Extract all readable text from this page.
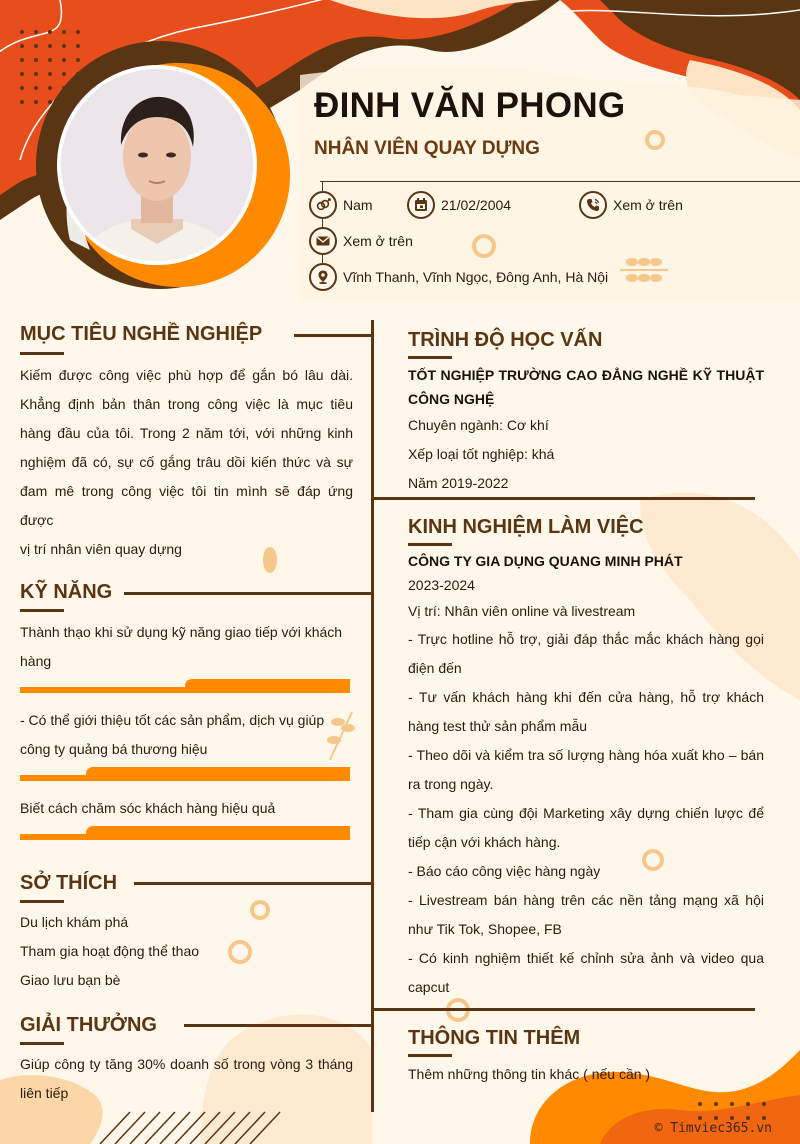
ĐINH VĂN PHONG
NHÂN VIÊN QUAY DỰNG
Nam	21/02/2004	Xem ở trên
Xem ở trên
Vĩnh Thanh, Vĩnh Ngọc, Đông Anh, Hà Nội
MỤC TIÊU NGHỀ NGHIỆP
Kiếm được công việc phù hợp để gắn bó lâu dài.
Khẳng định bản thân trong công việc là mục tiêu
hàng đầu của tôi. Trong 2 năm tới, với những kinh
nghiệm đã có, sự cố gắng trâu dồi kiến thức và sự
đam mê trong công việc tôi tin mình sẽ đáp ứng được
vị trí nhân viên quay dựng
KỸ NĂNG
Thành thạo khi sử dụng kỹ năng giao tiếp với khách hàng
- Có thể giới thiệu tốt các sản phẩm, dịch vụ giúp công ty quảng bá thương hiệu
Biết cách chăm sóc khách hàng hiệu quả
SỞ THÍCH
Du lịch khám phá
Tham gia hoạt động thể thao
Giao lưu bạn bè
GIẢI THƯỞNG
Giúp công ty tăng 30% doanh số trong vòng 3 tháng liên tiếp
TRÌNH ĐỘ HỌC VẤN
TỐT NGHIỆP TRƯỜNG CAO ĐẲNG NGHỀ KỸ THUẬT CÔNG NGHỆ
Chuyên ngành: Cơ khí
Xếp loại tốt nghiệp: khá
Năm 2019-2022
KINH NGHIỆM LÀM VIỆC
CÔNG TY GIA DỤNG QUANG MINH PHÁT
2023-2024
Vị trí: Nhân viên online và livestream
- Trực hotline hỗ trợ, giải đáp thắc mắc khách hàng gọi điện đến
- Tư vấn khách hàng khi đến cửa hàng, hỗ trợ khách hàng test thử sản phẩm mẫu
- Theo dõi và kiểm tra số lượng hàng hóa xuất kho – bán ra trong ngày.
- Tham gia cùng đội Marketing xây dựng chiến lược để tiếp cận với khách hàng.
- Báo cáo công việc hàng ngày
- Livestream bán hàng trên các nền tảng mạng xã hội như Tik Tok, Shopee, FB
- Có kinh nghiệm thiết kế chỉnh sửa ảnh và video qua capcut
THÔNG TIN THÊM
Thêm những thông tin khác ( nếu cần )
© Timviec365.vn
